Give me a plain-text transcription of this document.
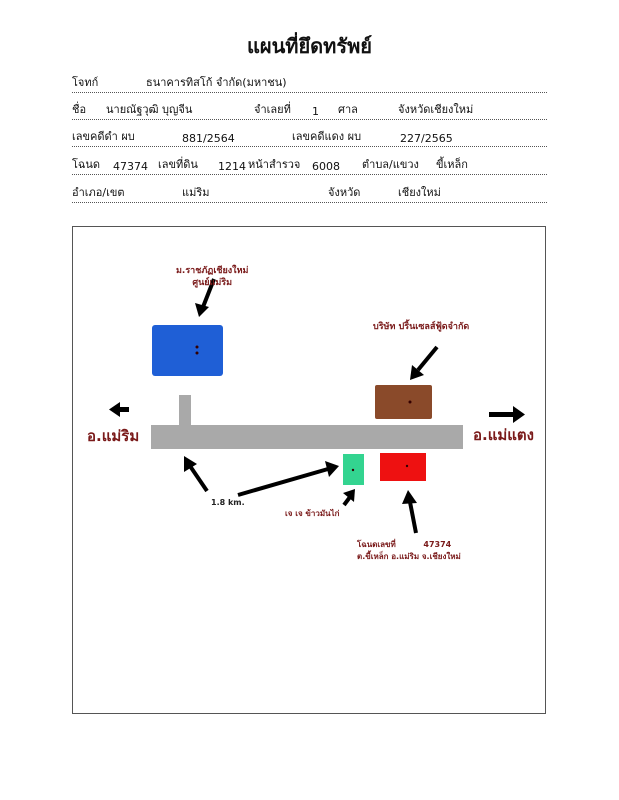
แผนที่ยึดทรัพย์
โจทก์	ธนาคารทิสโก้ จำกัด(มหาชน)
ชื่อ นายณัฐวุฒิ บุญจีน	จำเลยที่ 1 ศาล	จังหวัดเชียงใหม่
เลขคดีดำ ผบ	881/2564	เลขคดีแดง ผบ	227/2565
โฉนด 47374 เลขที่ดิน 1214 หน้าสำรวจ 6008 ตำบล/แขวง ขี้เหล็ก
อำเภอ/เขต	แม่ริม	จังหวัด	เชียงใหม่
ม.ราชภัฏเชียงใหม่
ศูนย์แม่ริม
บริษัท ปริ้นเซลส์ฟู้ดจำกัด
อ.แม่ริม	อ.แม่แตง
1.8 km.
เจ เจ ข้าวมันไก่
โฉนดเลขที่	47374
ต.ขี้เหล็ก อ.แม่ริม จ.เชียงใหม่
